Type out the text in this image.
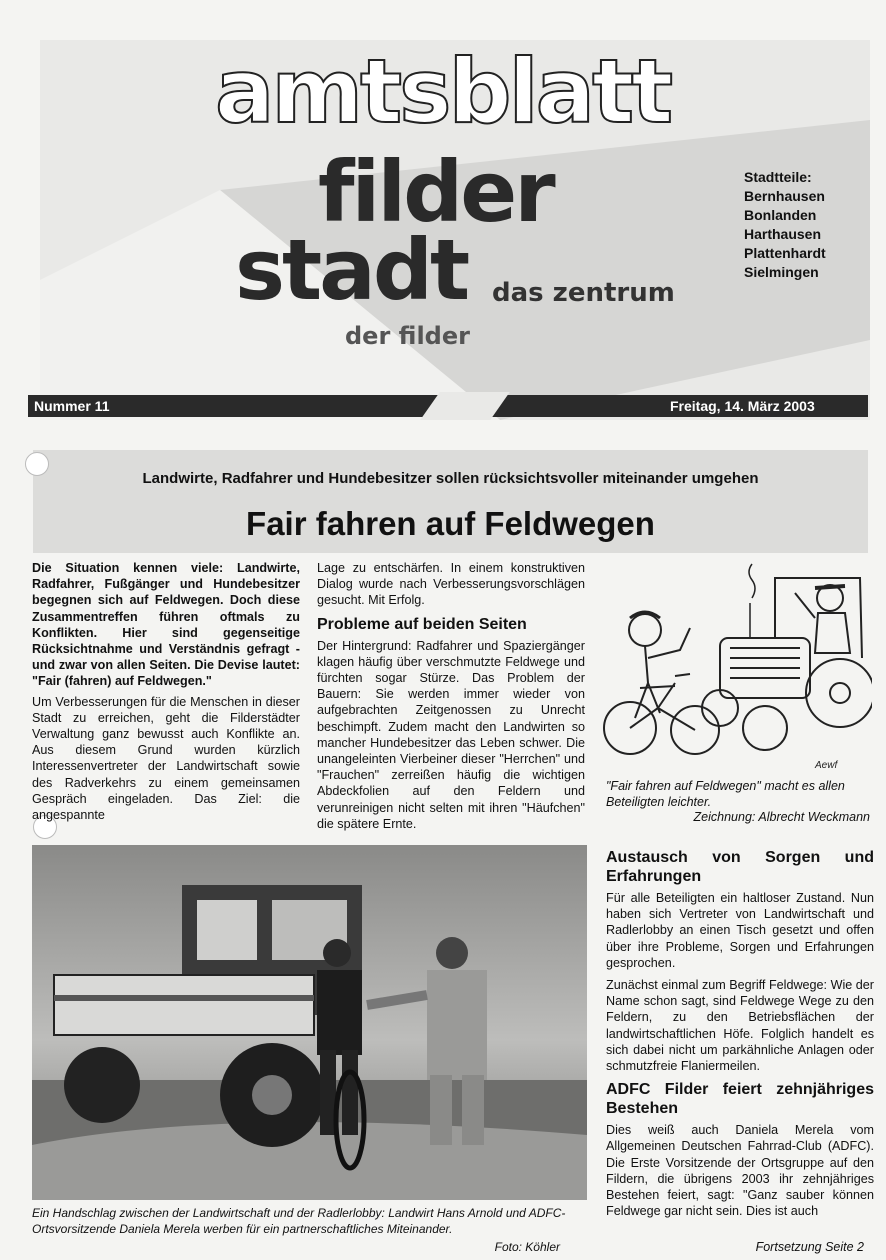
amtsblatt
filder
stadt das zentrum
der filder
Stadtteile:
Bernhausen
Bonlanden
Harthausen
Plattenhardt
Sielmingen
Nummer 11	Freitag, 14. März 2003
Landwirte, Radfahrer und Hundebesitzer sollen rücksichtsvoller miteinander umgehen
Fair fahren auf Feldwegen

Die Situation kennen viele: Landwirte, Radfahrer, Fußgänger und Hundebesitzer begegnen sich auf Feldwegen. Doch diese Zusammentreffen führen oftmals zu Konflikten. Hier sind gegenseitige Rücksichtnahme und Verständnis gefragt - und zwar von allen Seiten. Die Devise lautet: "Fair (fahren) auf Feldwegen."

Um Verbesserungen für die Menschen in dieser Stadt zu erreichen, geht die Filderstädter Verwaltung ganz bewusst auch Konflikte an. Aus diesem Grund wurden kürzlich Interessenvertreter der Landwirtschaft sowie des Radverkehrs zu einem gemeinsamen Gespräch eingeladen. Das Ziel: die angespannte

Lage zu entschärfen. In einem konstruktiven Dialog wurde nach Verbesserungsvorschlägen gesucht. Mit Erfolg.

Probleme auf beiden Seiten

Der Hintergrund: Radfahrer und Spaziergänger klagen häufig über verschmutzte Feldwege und fürchten sogar Stürze. Das Problem der Bauern: Sie werden immer wieder von aufgebrachten Zeitgenossen zu Unrecht beschimpft. Zudem macht den Landwirten so mancher Hundebesitzer das Leben schwer. Die unangeleinten Vierbeiner dieser "Herrchen" und "Frauchen" zerreißen häufig die wichtigen Abdeckfolien auf den Feldern und verunreinigen nicht selten mit ihren "Häufchen" die spätere Ernte.

Aewf
"Fair fahren auf Feldwegen" macht es allen Beteiligten leichter.
Zeichnung: Albrecht Weckmann
Austausch von Sorgen und Erfahrungen

Für alle Beteiligten ein haltloser Zustand. Nun haben sich Vertreter von Landwirtschaft und Radlerlobby an einen Tisch gesetzt und offen über ihre Probleme, Sorgen und Erfahrungen gesprochen.

Zunächst einmal zum Begriff Feldwege: Wie der Name schon sagt, sind Feldwege Wege zu den Feldern, zu den Betriebsflächen der landwirtschaftlichen Höfe. Folglich handelt es sich dabei nicht um parkähnliche Anlagen oder schmutzfreie Flaniermeilen.

ADFC Filder feiert zehnjähriges Bestehen

Dies weiß auch Daniela Merela vom Allgemeinen Deutschen Fahrrad-Club (ADFC). Die Erste Vorsitzende der Ortsgruppe auf den Fildern, die übrigens 2003 ihr zehnjähriges Bestehen feiert, sagt: "Ganz sauber können Feldwege gar nicht sein. Dies ist auch

Ein Handschlag zwischen der Landwirtschaft und der Radlerlobby: Landwirt Hans Arnold und ADFC-Ortsvorsitzende Daniela Merela werben für ein partnerschaftliches Miteinander.
Foto: Köhler	Fortsetzung Seite 2
